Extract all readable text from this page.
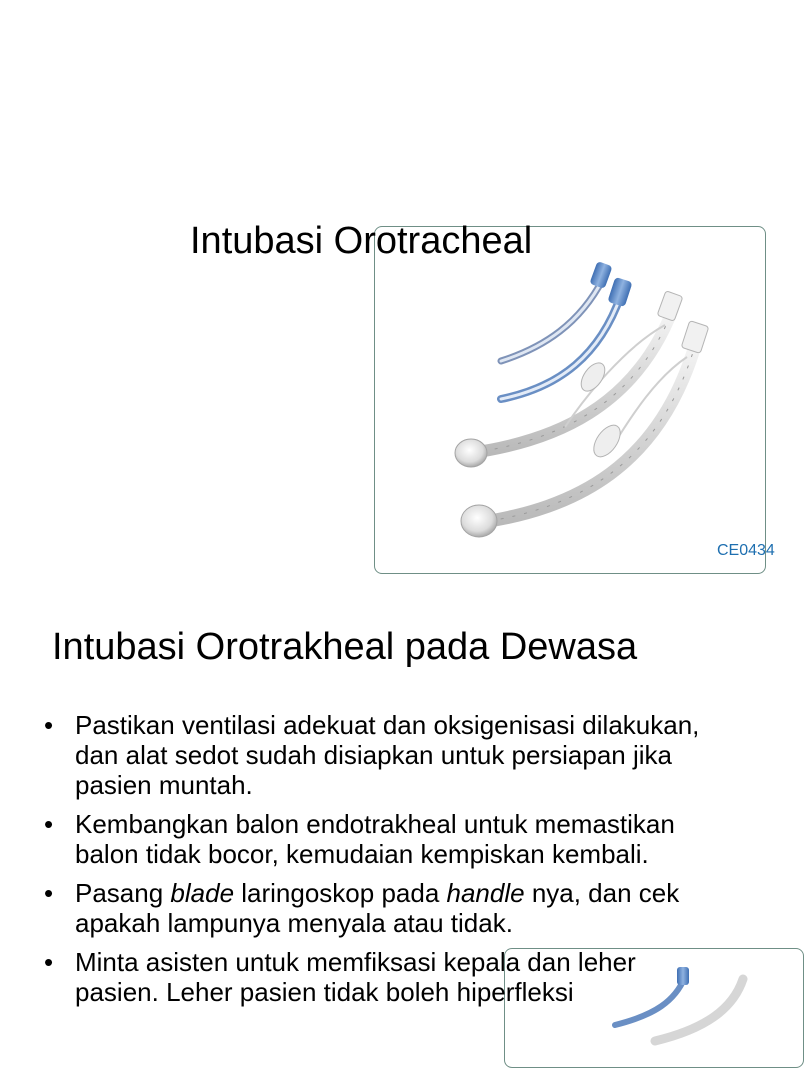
Intubasi Orotracheal
CE0434
Intubasi Orotrakheal pada Dewasa
• Pastikan ventilasi adekuat dan oksigenisasi dilakukan, dan alat sedot sudah disiapkan untuk persiapan jika pasien muntah.
• Kembangkan balon endotrakheal untuk memastikan balon tidak bocor, kemudaian kempiskan kembali.
• Pasang blade laringoskop pada handle nya, dan cek apakah lampunya menyala atau tidak.
• Minta asisten untuk memfiksasi kepala dan leher pasien. Leher pasien tidak boleh hiperfleksi
